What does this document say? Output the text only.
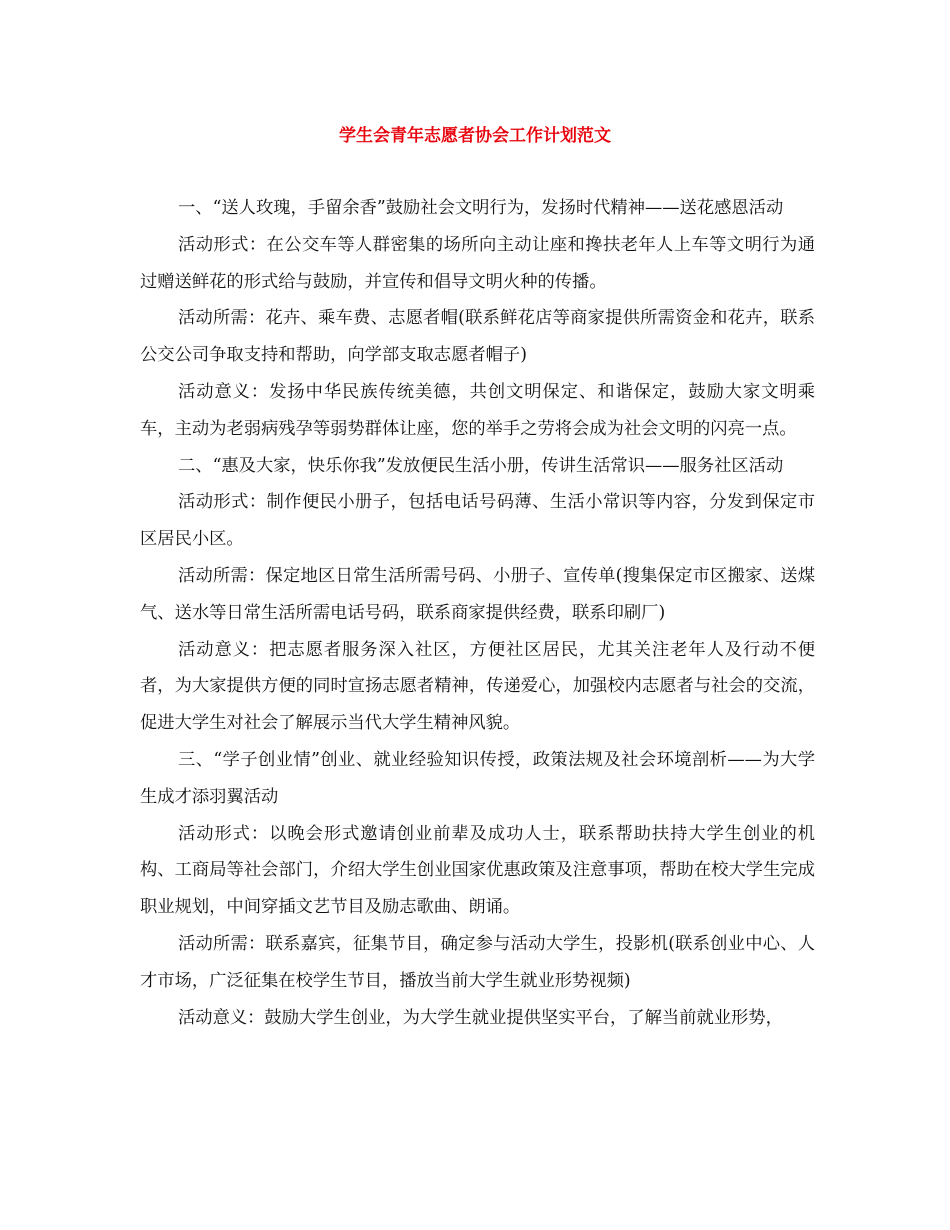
学生会青年志愿者协会工作计划范文

一、“送人玫瑰，手留余香”鼓励社会文明行为，发扬时代精神——送花感恩活动

活动形式：在公交车等人群密集的场所向主动让座和搀扶老年人上车等文明行为通过赠送鲜花的形式给与鼓励，并宣传和倡导文明火种的传播。

活动所需：花卉、乘车费、志愿者帽(联系鲜花店等商家提供所需资金和花卉，联系公交公司争取支持和帮助，向学部支取志愿者帽子)

活动意义：发扬中华民族传统美德，共创文明保定、和谐保定，鼓励大家文明乘车，主动为老弱病残孕等弱势群体让座，您的举手之劳将会成为社会文明的闪亮一点。

二、“惠及大家，快乐你我”发放便民生活小册，传讲生活常识——服务社区活动

活动形式：制作便民小册子，包括电话号码薄、生活小常识等内容，分发到保定市区居民小区。

活动所需：保定地区日常生活所需号码、小册子、宣传单(搜集保定市区搬家、送煤气、送水等日常生活所需电话号码，联系商家提供经费，联系印刷厂)

活动意义：把志愿者服务深入社区，方便社区居民，尤其关注老年人及行动不便者，为大家提供方便的同时宣扬志愿者精神，传递爱心，加强校内志愿者与社会的交流，促进大学生对社会了解展示当代大学生精神风貌。

三、“学子创业情”创业、就业经验知识传授，政策法规及社会环境剖析——为大学生成才添羽翼活动

活动形式：以晚会形式邀请创业前辈及成功人士，联系帮助扶持大学生创业的机构、工商局等社会部门，介绍大学生创业国家优惠政策及注意事项，帮助在校大学生完成职业规划，中间穿插文艺节目及励志歌曲、朗诵。

活动所需：联系嘉宾，征集节目，确定参与活动大学生，投影机(联系创业中心、人才市场，广泛征集在校学生节目，播放当前大学生就业形势视频)

活动意义：鼓励大学生创业，为大学生就业提供坚实平台，了解当前就业形势，
